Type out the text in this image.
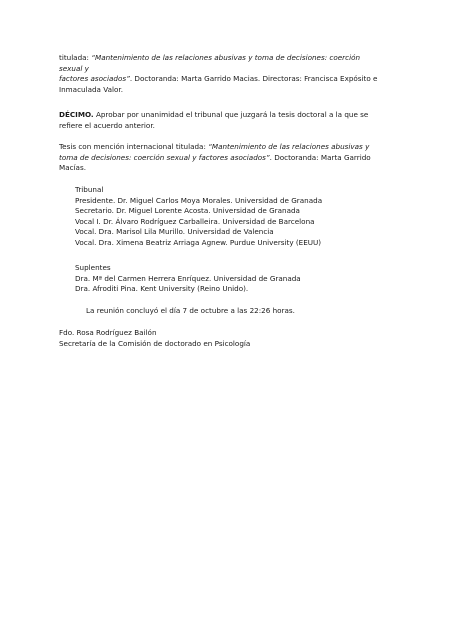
titulada: “Mantenimiento de las relaciones abusivas y toma de decisiones: coerción
sexual y
factores asociados”. Doctoranda: Marta Garrido Macias. Directoras: Francisca Expósito e
Inmaculada Valor.
DÉCIMO. Aprobar por unanimidad el tribunal que juzgará la tesis doctoral a la que se
refiere el acuerdo anterior.
Tesis con mención internacional titulada: “Mantenimiento de las relaciones abusivas y
toma de decisiones: coerción sexual y factores asociados”. Doctoranda: Marta Garrido
Macías.
Tribunal
Presidente. Dr. Miguel Carlos Moya Morales. Universidad de Granada
Secretario. Dr. Miguel Lorente Acosta. Universidad de Granada
Vocal I. Dr. Álvaro Rodríguez Carballeira. Universidad de Barcelona
Vocal. Dra. Marisol Lila Murillo. Universidad de Valencia
Vocal. Dra. Ximena Beatriz Arriaga Agnew. Purdue University (EEUU)
Suplentes
Dra. Mª del Carmen Herrera Enríquez. Universidad de Granada
Dra. Afroditi Pina. Kent University (Reino Unido).
La reunión concluyó el día 7 de octubre a las 22:26 horas.
Fdo. Rosa Rodríguez Bailón
Secretaría de la Comisión de doctorado en Psicología
